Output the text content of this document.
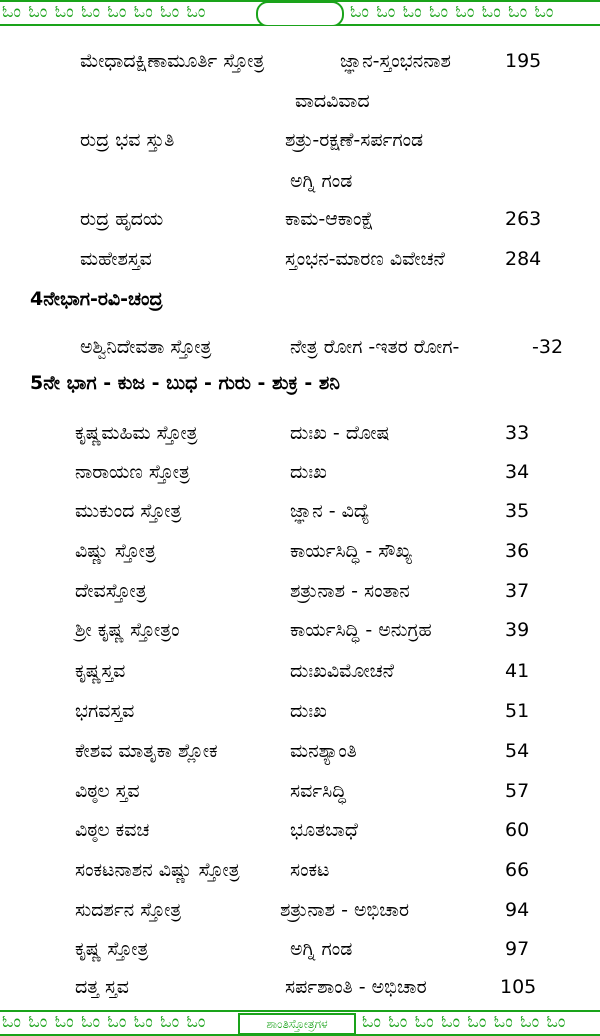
ಓಂ ಓಂ ಓಂ ಓಂ ಓಂ ಓಂ ಓಂ ಓಂ	ಓಂ ಓಂ ಓಂ ಓಂ ಓಂ ಓಂ ಓಂ ಓಂ
ಮೇಧಾದಕ್ಷಿಣಾಮೂರ್ತಿ ಸ್ತೋತ್ರ	ಜ್ಞಾನ-ಸ್ತಂಭನನಾಶ	195
ವಾದವಿವಾದ
ರುದ್ರ ಭವ ಸ್ತುತಿ	ಶತ್ರು-ರಕ್ಷಣೆ-ಸರ್ಪಗಂಡ
ಅಗ್ನಿ ಗಂಡ
ರುದ್ರ ಹೃದಯ	ಕಾಮ-ಆಕಾಂಕ್ಷೆ	263
ಮಹೇಶಸ್ತವ	ಸ್ತಂಭನ-ಮಾರಣ ವಿವೇಚನೆ	284
4ನೇಭಾಗ-ರವಿ-ಚಂದ್ರ
ಅಶ್ವಿನಿದೇವತಾ ಸ್ತೋತ್ರ	ನೇತ್ರ ರೋಗ -ಇತರ ರೋಗ-	-32
5ನೇ ಭಾಗ - ಕುಜ - ಬುಧ - ಗುರು - ಶುಕ್ರ - ಶನಿ
ಕೃಷ್ಣಮಹಿಮ ಸ್ತೋತ್ರ	ದುಃಖ - ದೋಷ	33
ನಾರಾಯಣ ಸ್ತೋತ್ರ	ದುಃಖ	34
ಮುಕುಂದ ಸ್ತೋತ್ರ	ಜ್ಞಾನ - ವಿದ್ಯೆ	35
ವಿಷ್ಣು ಸ್ತೋತ್ರ	ಕಾರ್ಯಸಿದ್ಧಿ - ಸೌಖ್ಯ	36
ದೇವಸ್ತೋತ್ರ	ಶತ್ರುನಾಶ - ಸಂತಾನ	37
ಶ್ರೀ ಕೃಷ್ಣ ಸ್ತೋತ್ರಂ	ಕಾರ್ಯಸಿದ್ಧಿ - ಅನುಗ್ರಹ	39
ಕೃಷ್ಣಸ್ತವ	ದುಃಖವಿಮೋಚನೆ	41
ಭಗವಸ್ತವ	ದುಃಖ	51
ಕೇಶವ ಮಾತೃಕಾ ಶ್ಲೋಕ	ಮನಶ್ಯಾಂತಿ	54
ವಿಠ್ಠಲ ಸ್ತವ	ಸರ್ವಸಿದ್ಧಿ	57
ವಿಠ್ಠಲ ಕವಚ	ಭೂತಬಾಧೆ	60
ಸಂಕಟನಾಶನ ವಿಷ್ಣು ಸ್ತೋತ್ರ	ಸಂಕಟ	66
ಸುದರ್ಶನ ಸ್ತೋತ್ರ	ಶತ್ರುನಾಶ - ಅಭಿಚಾರ	94
ಕೃಷ್ಣ ಸ್ತೋತ್ರ	ಅಗ್ನಿ ಗಂಡ	97
ದತ್ತ ಸ್ತವ	ಸರ್ಪಶಾಂತಿ - ಅಭಿಚಾರ	105
ಓಂ ಓಂ ಓಂ ಓಂ ಓಂ ಓಂ ಓಂ ಓಂ	ಶಾಂತಿಸ್ತೋತ್ರಗಳ	ಓಂ ಓಂ ಓಂ ಓಂ ಓಂ ಓಂ ಓಂ ಓಂ
